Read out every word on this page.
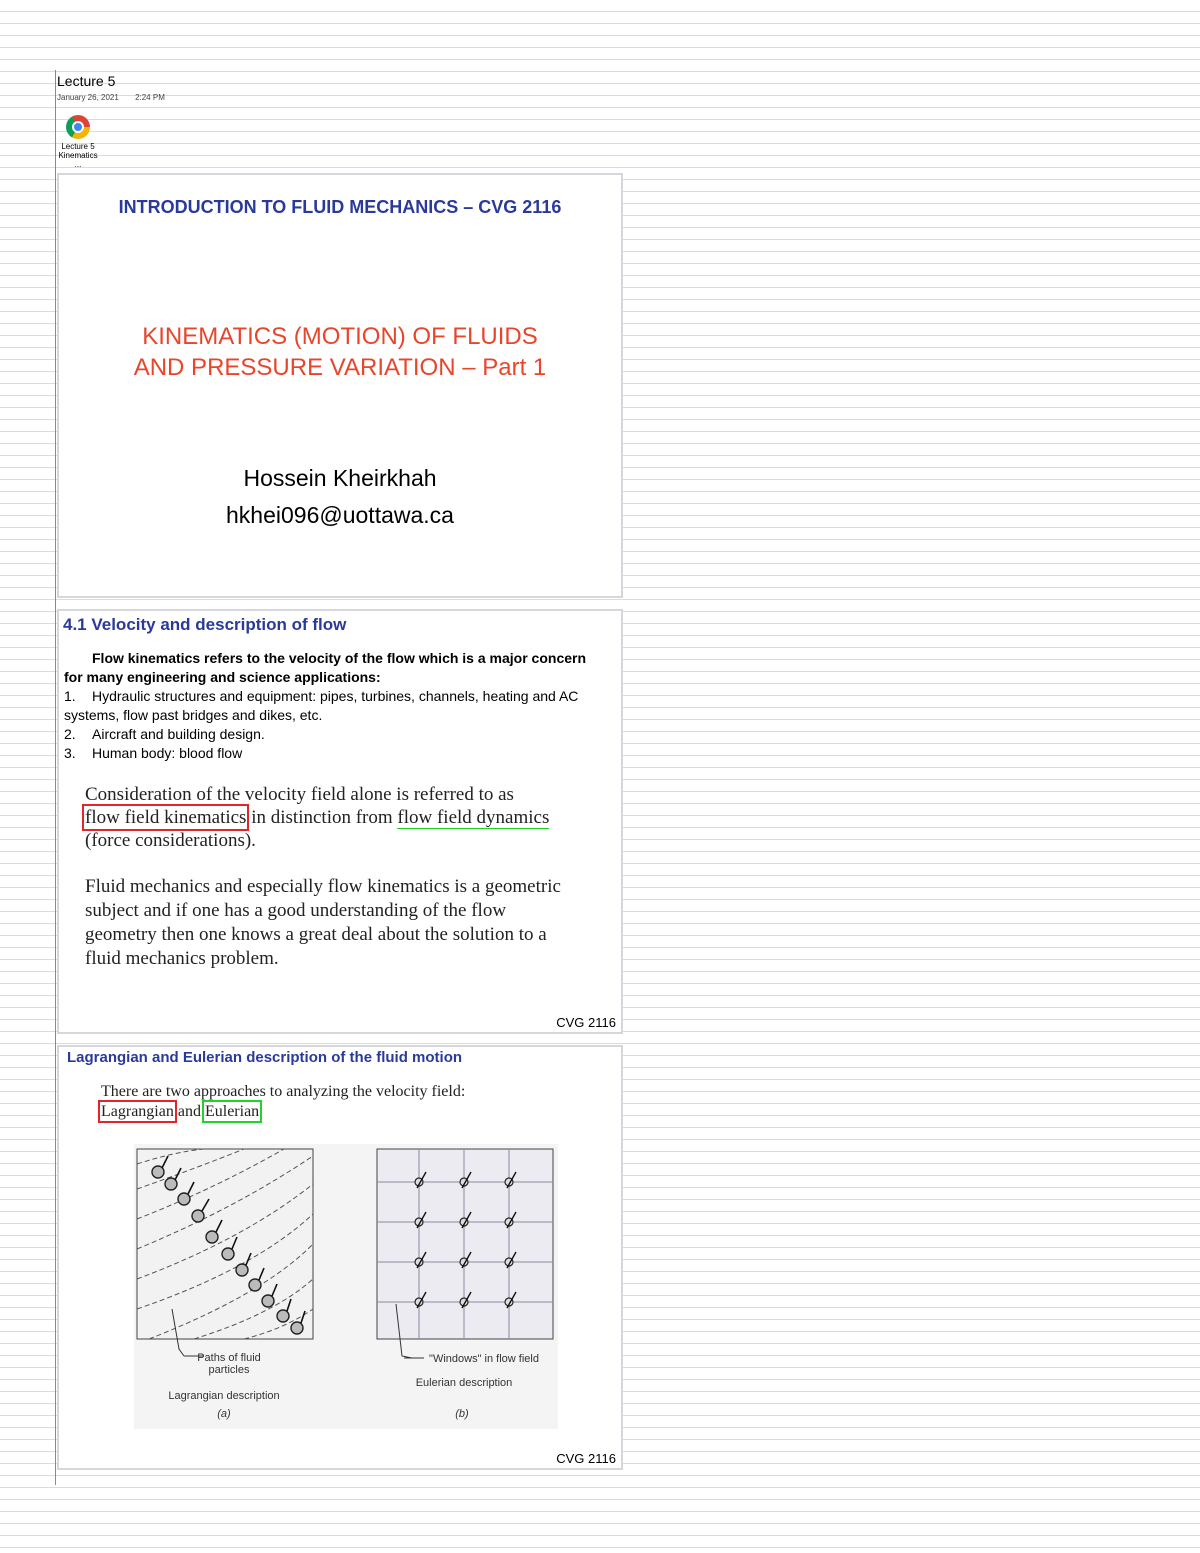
Lecture 5
January 26, 2021 2:24 PM
Lecture 5
Kinematics ...
INTRODUCTION TO FLUID MECHANICS – CVG 2116
KINEMATICS (MOTION) OF FLUIDS
AND PRESSURE VARIATION – Part 1
Hossein Kheirkhah
hkhei096@uottawa.ca
4.1 Velocity and description of flow
Flow kinematics refers to the velocity of the flow which is a major concern for many engineering and science applications:
1. Hydraulic structures and equipment: pipes, turbines, channels, heating and AC systems, flow past bridges and dikes, etc.
2. Aircraft and building design.
3. Human body: blood flow
Consideration of the velocity field alone is referred to as
flow field kinematics in distinction from flow field dynamics (force considerations).
Fluid mechanics and especially flow kinematics is a geometric subject and if one has a good understanding of the flow geometry then one knows a great deal about the solution to a fluid mechanics problem.
CVG 2116
Lagrangian and Eulerian description of the fluid motion
There are two approaches to analyzing the velocity field:
Lagrangian and Eulerian
Paths of fluid particles
Lagrangian description
(a)
"Windows" in flow field
Eulerian description
(b)
CVG 2116
